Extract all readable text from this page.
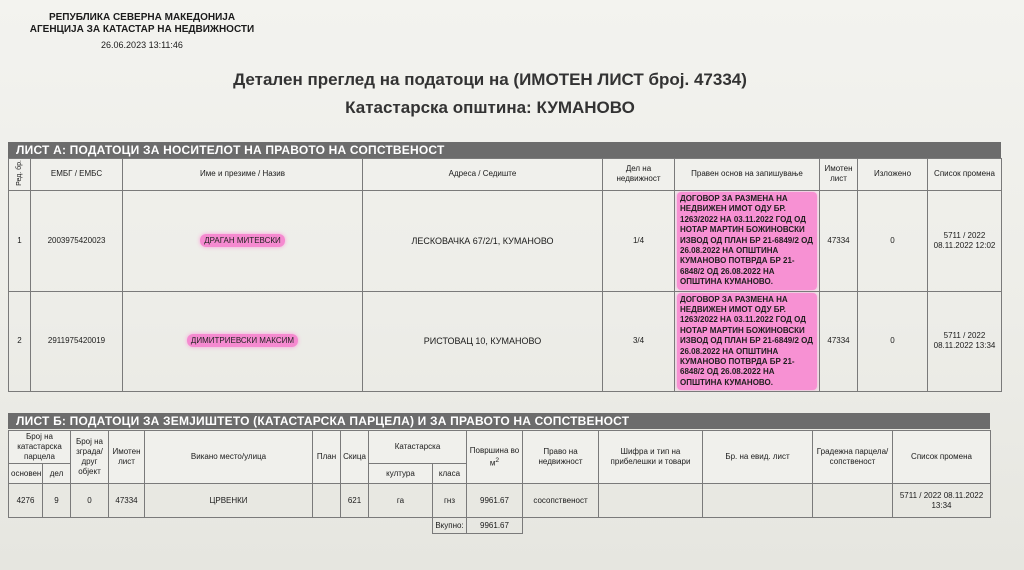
РЕПУБЛИКА СЕВЕРНА МАКЕДОНИЈА
АГЕНЦИЈА ЗА КАТАСТАР НА НЕДВИЖНОСТИ
26.06.2023 13:11:46
Детален преглед на податоци на (ИМОТЕН ЛИСТ број. 47334)
Катастарска општина: КУМАНОВО
ЛИСТ А: ПОДАТОЦИ ЗА НОСИТЕЛОТ НА ПРАВОТО НА СОПСТВЕНОСТ
Ред. бр.	ЕМБГ / ЕМБС	Име и презиме / Назив	Адреса / Седиште	Дел на недвижност	Правен основ на запишување	Имотен лист	Изложено	Список промена
1	2003975420023	ДРАГАН МИТЕВСКИ	ЛЕСКОВАЧКА 67/2/1, КУМАНОВО	1/4	ДОГОВОР ЗА РАЗМЕНА НА НЕДВИЖЕН ИМОТ ОДУ БР. 1263/2022 НА 03.11.2022 ГОД ОД НОТАР МАРТИН БОЖИНОВСКИ ИЗВОД ОД ПЛАН БР 21-6849/2 ОД 26.08.2022 НА ОПШТИНА КУМАНОВО ПОТВРДА БР 21-6848/2 ОД 26.08.2022 НА ОПШТИНА КУМАНОВО.	47334	0	5711 / 2022 08.11.2022 12:02
2	2911975420019	ДИМИТРИЕВСКИ МАКСИМ	РИСТОВАЦ 10, КУМАНОВО	3/4	ДОГОВОР ЗА РАЗМЕНА НА НЕДВИЖЕН ИМОТ ОДУ БР. 1263/2022 НА 03.11.2022 ГОД ОД НОТАР МАРТИН БОЖИНОВСКИ ИЗВОД ОД ПЛАН БР 21-6849/2 ОД 26.08.2022 НА ОПШТИНА КУМАНОВО ПОТВРДА БР 21-6848/2 ОД 26.08.2022 НА ОПШТИНА КУМАНОВО.	47334	0	5711 / 2022 08.11.2022 13:34
ЛИСТ Б: ПОДАТОЦИ ЗА ЗЕМЈИШТЕТО (КАТАСТАРСКА ПАРЦЕЛА) И ЗА ПРАВОТО НА СОПСТВЕНОСТ
Број на катастарска парцела		Број на зграда/ друг објект	Имотен лист	Викано место/улица	План	Скица	Катастарска		Површина во $м^2$	Право на недвижност	Шифра и тип на прибелешки и товари	Бр. на евид. лист	Градежна парцела/сопственост	Список промена
основен	дел						култура	класа						
4276	9	0	47334	ЦРВЕНКИ		621	га	гнз	9961.67	сосопственост				5711 / 2022 08.11.2022 13:34
								Вкупно:	9961.67					
